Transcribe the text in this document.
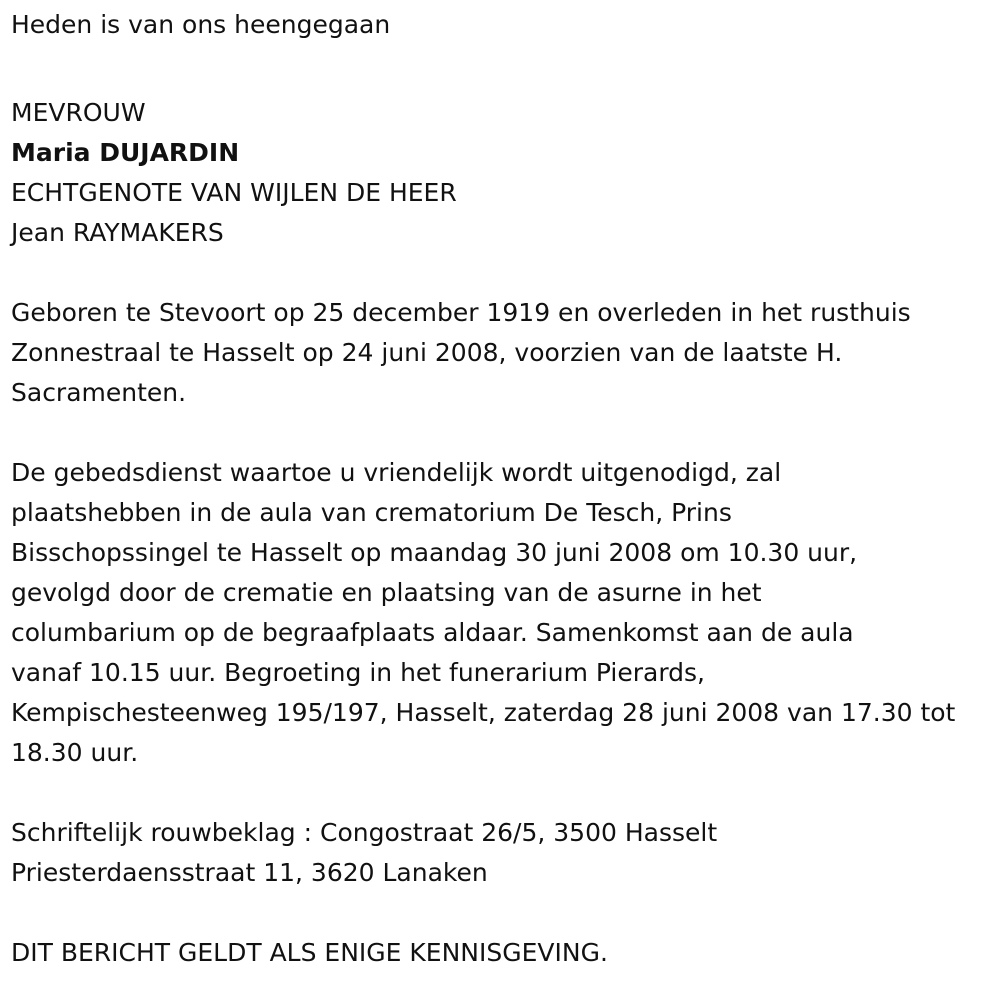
Heden is van ons heengegaan
MEVROUW
Maria DUJARDIN
ECHTGENOTE VAN WIJLEN DE HEER
Jean RAYMAKERS
Geboren te Stevoort op 25 december 1919 en overleden in het rusthuis
Zonnestraal te Hasselt op 24 juni 2008, voorzien van de laatste H.
Sacramenten.
De gebedsdienst waartoe u vriendelijk wordt uitgenodigd, zal
plaatshebben in de aula van crematorium De Tesch, Prins
Bisschopssingel te Hasselt op maandag 30 juni 2008 om 10.30 uur,
gevolgd door de crematie en plaatsing van de asurne in het
columbarium op de begraafplaats aldaar. Samenkomst aan de aula
vanaf 10.15 uur. Begroeting in het funerarium Pierards,
Kempischesteenweg 195/197, Hasselt, zaterdag 28 juni 2008 van 17.30 tot
18.30 uur.
Schriftelijk rouwbeklag : Congostraat 26/5, 3500 Hasselt
Priesterdaensstraat 11, 3620 Lanaken
DIT BERICHT GELDT ALS ENIGE KENNISGEVING.
